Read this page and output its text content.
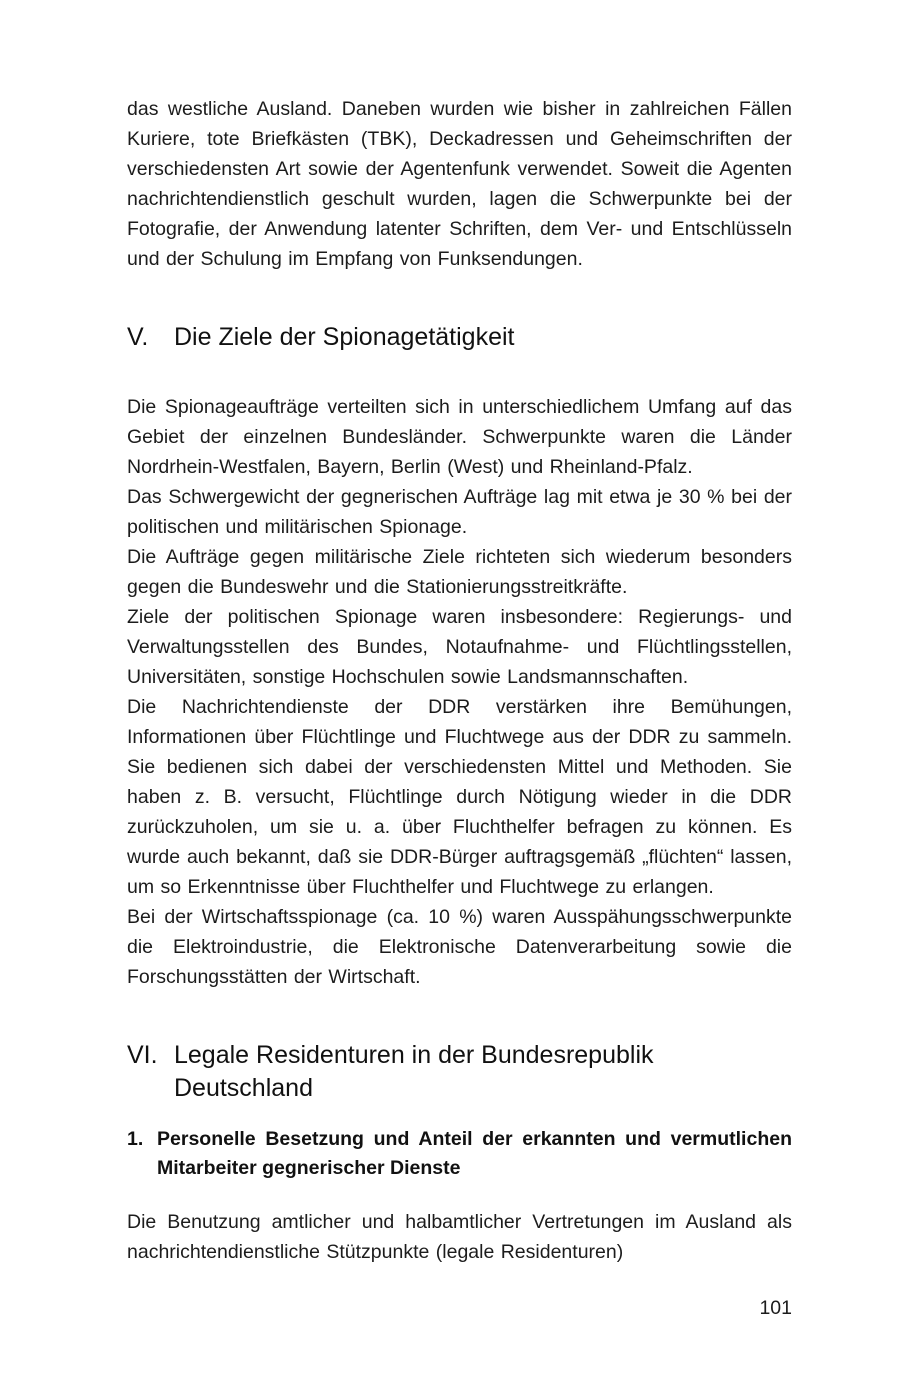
das westliche Ausland. Daneben wurden wie bisher in zahlreichen Fällen Kuriere, tote Briefkästen (TBK), Deckadressen und Geheimschriften der verschiedensten Art sowie der Agentenfunk verwendet. Soweit die Agenten nachrichtendienstlich geschult wurden, lagen die Schwerpunkte bei der Fotografie, der Anwendung latenter Schriften, dem Ver- und Entschlüsseln und der Schulung im Empfang von Funksendungen.

V.	Die Ziele der Spionagetätigkeit

Die Spionageaufträge verteilten sich in unterschiedlichem Umfang auf das Gebiet der einzelnen Bundesländer. Schwerpunkte waren die Länder Nordrhein-Westfalen, Bayern, Berlin (West) und Rheinland-Pfalz.

Das Schwergewicht der gegnerischen Aufträge lag mit etwa je 30 % bei der politischen und militärischen Spionage.

Die Aufträge gegen militärische Ziele richteten sich wiederum besonders gegen die Bundeswehr und die Stationierungsstreitkräfte.

Ziele der politischen Spionage waren insbesondere: Regierungs- und Verwaltungsstellen des Bundes, Notaufnahme- und Flüchtlingsstellen, Universitäten, sonstige Hochschulen sowie Landsmannschaften.

Die Nachrichtendienste der DDR verstärken ihre Bemühungen, Informationen über Flüchtlinge und Fluchtwege aus der DDR zu sammeln. Sie bedienen sich dabei der verschiedensten Mittel und Methoden. Sie haben z. B. versucht, Flüchtlinge durch Nötigung wieder in die DDR zurückzuholen, um sie u. a. über Fluchthelfer befragen zu können. Es wurde auch bekannt, daß sie DDR-Bürger auftragsgemäß „flüchten“ lassen, um so Erkenntnisse über Fluchthelfer und Fluchtwege zu erlangen.

Bei der Wirtschaftsspionage (ca. 10 %) waren Ausspähungsschwerpunkte die Elektroindustrie, die Elektronische Datenverarbeitung sowie die Forschungsstätten der Wirtschaft.

VI. Legale Residenturen in der Bundesrepublik Deutschland
1. Personelle Besetzung und Anteil der erkannten und vermutlichen Mitarbeiter gegnerischer Dienste

Die Benutzung amtlicher und halbamtlicher Vertretungen im Ausland als nachrichtendienstliche Stützpunkte (legale Residenturen)

101
